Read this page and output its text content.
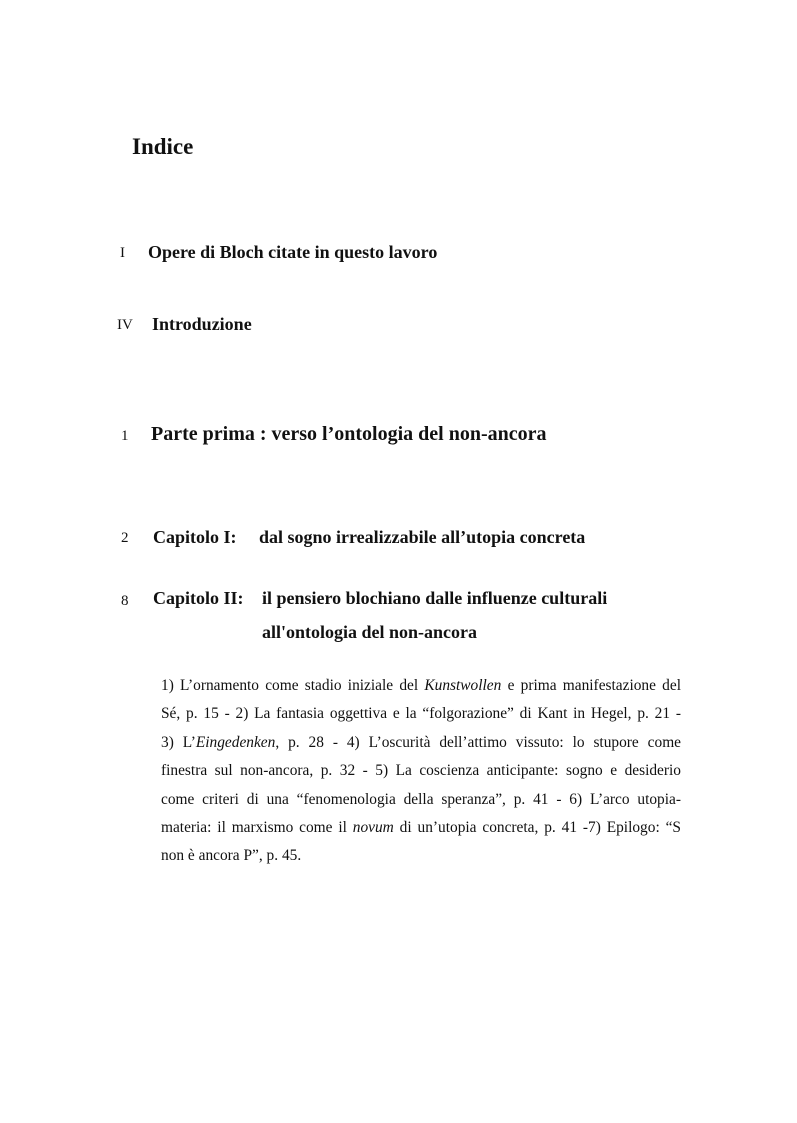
Indice
I Opere di Bloch citate in questo lavoro
IV Introduzione
1 Parte prima : verso l’ontologia del non-ancora
2 Capitolo I: dal sogno irrealizzabile all’utopia concreta
8 Capitolo II: il pensiero blochiano dalle influenze culturali
all'ontologia del non-ancora
1) L’ornamento come stadio iniziale del Kunstwollen e prima manifestazione del
Sé, p. 15 - 2) La fantasia oggettiva e la “folgorazione” di Kant in Hegel, p. 21 -
3) L’Eingedenken, p. 28 - 4) L’oscurità dell’attimo vissuto: lo stupore come
finestra sul non-ancora, p. 32 - 5) La coscienza anticipante: sogno e desiderio
come criteri di una “fenomenologia della speranza”, p. 41 - 6) L’arco utopia-
materia: il marxismo come il novum di un’utopia concreta, p. 41 -7) Epilogo: “S
non è ancora P”, p. 45.
